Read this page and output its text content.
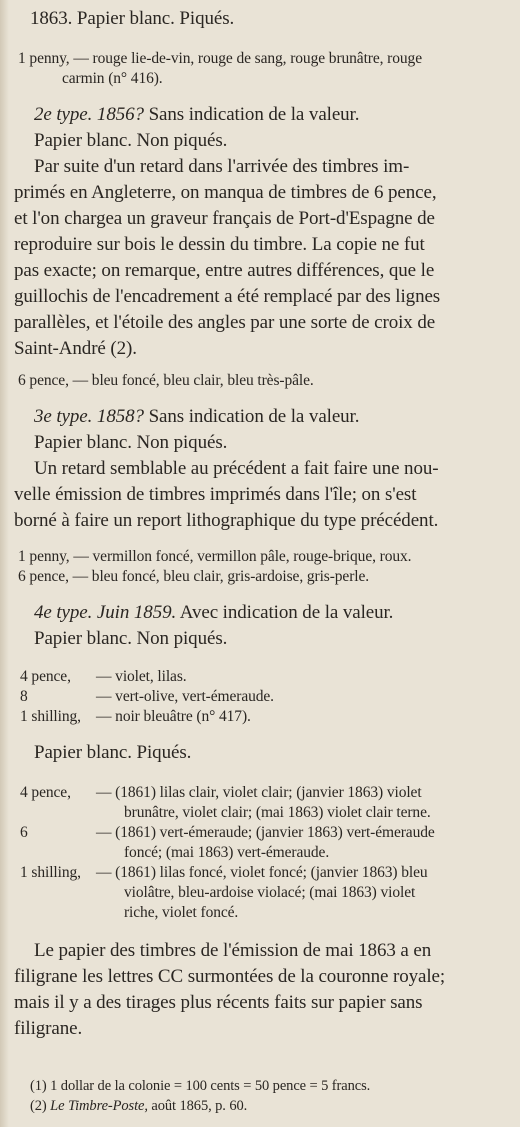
1863. Papier blanc. Piqués.
1 penny, — rouge lie-de-vin, rouge de sang, rouge brunâtre, rouge
carmin (n° 416).
2e type. 1856? Sans indication de la valeur.
Papier blanc. Non piqués.
Par suite d'un retard dans l'arrivée des timbres im-
primés en Angleterre, on manqua de timbres de 6 pence,
et l'on chargea un graveur français de Port-d'Espagne de
reproduire sur bois le dessin du timbre. La copie ne fut
pas exacte; on remarque, entre autres différences, que le
guillochis de l'encadrement a été remplacé par des lignes
parallèles, et l'étoile des angles par une sorte de croix de
Saint-André (2).
6 pence, — bleu foncé, bleu clair, bleu très-pâle.
3e type. 1858? Sans indication de la valeur.
Papier blanc. Non piqués.
Un retard semblable au précédent a fait faire une nou-
velle émission de timbres imprimés dans l'île; on s'est
borné à faire un report lithographique du type précédent.
1 penny, — vermillon foncé, vermillon pâle, rouge-brique, roux.
6 pence, — bleu foncé, bleu clair, gris-ardoise, gris-perle.
4e type. Juin 1859. Avec indication de la valeur.
Papier blanc. Non piqués.
4 pence, — violet, lilas.
8	— vert-olive, vert-émeraude.
1 shilling, — noir bleuâtre (n° 417).
Papier blanc. Piqués.
4 pence, — (1861) lilas clair, violet clair; (janvier 1863) violet
brunâtre, violet clair; (mai 1863) violet clair terne.
6	— (1861) vert-émeraude; (janvier 1863) vert-émeraude
foncé; (mai 1863) vert-émeraude.
1 shilling, — (1861) lilas foncé, violet foncé; (janvier 1863) bleu
violâtre, bleu-ardoise violacé; (mai 1863) violet
riche, violet foncé.
Le papier des timbres de l'émission de mai 1863 a en
filigrane les lettres CC surmontées de la couronne royale;
mais il y a des tirages plus récents faits sur papier sans
filigrane.
(1) 1 dollar de la colonie = 100 cents = 50 pence = 5 francs.
(2) Le Timbre-Poste, août 1865, p. 60.
